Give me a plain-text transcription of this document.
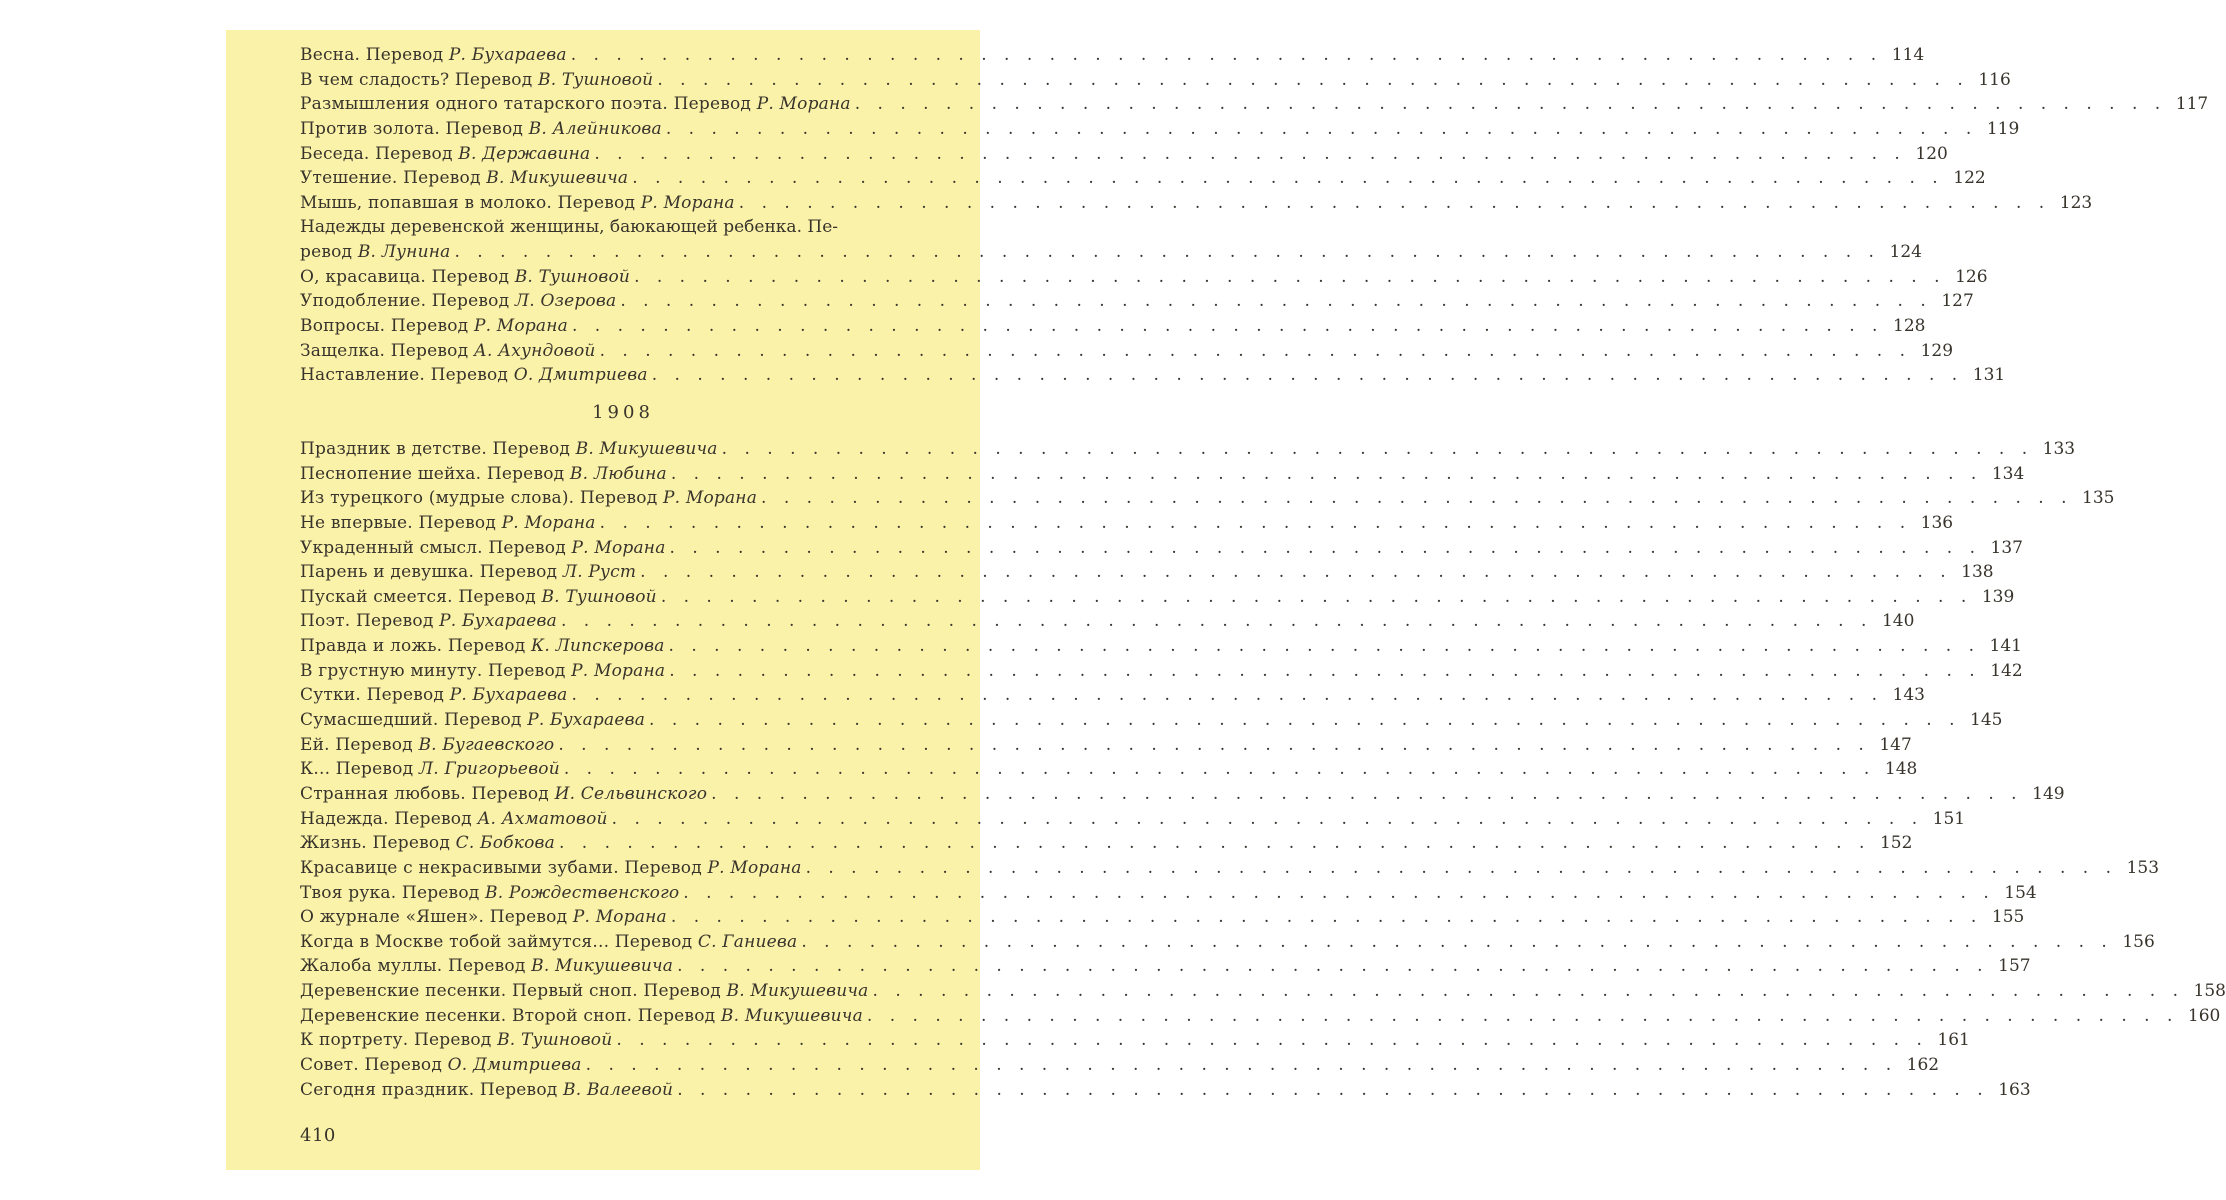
Весна. Перевод Р. Бухараева . . . . . . . . . . . . . . . . . . . . . . . . . . . . . . . . . . . . . . . . . . . . . . . . . . . . . . . . . . 114
В чем сладость? Перевод В. Тушновой . . . . . . . . . . . . . . . . . . . . . . . . . . . . . . . . . . . . . . . . . . . . . . . . . . . . . . . . . . 116
Размышления одного татарского поэта. Перевод Р. Морана . . . . . . . . . . . . . . . . . . . . . . . . . . . . . . . . . . . . . . . . . . . . . . . . . . . . . . . . . . 117
Против золота. Перевод В. Алейникова . . . . . . . . . . . . . . . . . . . . . . . . . . . . . . . . . . . . . . . . . . . . . . . . . . . . . . . . . . 119
Беседа. Перевод В. Державина . . . . . . . . . . . . . . . . . . . . . . . . . . . . . . . . . . . . . . . . . . . . . . . . . . . . . . . . . . 120
Утешение. Перевод В. Микушевича . . . . . . . . . . . . . . . . . . . . . . . . . . . . . . . . . . . . . . . . . . . . . . . . . . . . . . . . . . 122
Мышь, попавшая в молоко. Перевод Р. Морана . . . . . . . . . . . . . . . . . . . . . . . . . . . . . . . . . . . . . . . . . . . . . . . . . . . . . . . . . . 123
Надежды деревенской женщины, баюкающей ребенка. Пе-
ревод В. Лунина . . . . . . . . . . . . . . . . . . . . . . . . . . . . . . . . . . . . . . . . . . . . . . . . . . . . . . . . . . . . . . . 124
О, красавица. Перевод В. Тушновой . . . . . . . . . . . . . . . . . . . . . . . . . . . . . . . . . . . . . . . . . . . . . . . . . . . . . . . . . . 126
Уподобление. Перевод Л. Озерова . . . . . . . . . . . . . . . . . . . . . . . . . . . . . . . . . . . . . . . . . . . . . . . . . . . . . . . . . . 127
Вопросы. Перевод Р. Морана . . . . . . . . . . . . . . . . . . . . . . . . . . . . . . . . . . . . . . . . . . . . . . . . . . . . . . . . . . 128
Защелка. Перевод А. Ахундовой . . . . . . . . . . . . . . . . . . . . . . . . . . . . . . . . . . . . . . . . . . . . . . . . . . . . . . . . . . 129
Наставление. Перевод О. Дмитриева . . . . . . . . . . . . . . . . . . . . . . . . . . . . . . . . . . . . . . . . . . . . . . . . . . . . . . . . . . 131
1908
Праздник в детстве. Перевод В. Микушевича . . . . . . . . . . . . . . . . . . . . . . . . . . . . . . . . . . . . . . . . . . . . . . . . . . . . . . . . . . 133
Песнопение шейха. Перевод В. Любина . . . . . . . . . . . . . . . . . . . . . . . . . . . . . . . . . . . . . . . . . . . . . . . . . . . . . . . . . . 134
Из турецкого (мудрые слова). Перевод Р. Морана . . . . . . . . . . . . . . . . . . . . . . . . . . . . . . . . . . . . . . . . . . . . . . . . . . . . . . . . . . 135
Не впервые. Перевод Р. Морана . . . . . . . . . . . . . . . . . . . . . . . . . . . . . . . . . . . . . . . . . . . . . . . . . . . . . . . . . . 136
Украденный смысл. Перевод Р. Морана . . . . . . . . . . . . . . . . . . . . . . . . . . . . . . . . . . . . . . . . . . . . . . . . . . . . . . . . . . 137
Парень и девушка. Перевод Л. Руст . . . . . . . . . . . . . . . . . . . . . . . . . . . . . . . . . . . . . . . . . . . . . . . . . . . . . . . . . . 138
Пускай смеется. Перевод В. Тушновой . . . . . . . . . . . . . . . . . . . . . . . . . . . . . . . . . . . . . . . . . . . . . . . . . . . . . . . . . . 139
Поэт. Перевод Р. Бухараева . . . . . . . . . . . . . . . . . . . . . . . . . . . . . . . . . . . . . . . . . . . . . . . . . . . . . . . . . . 140
Правда и ложь. Перевод К. Липскерова . . . . . . . . . . . . . . . . . . . . . . . . . . . . . . . . . . . . . . . . . . . . . . . . . . . . . . . . . . 141
В грустную минуту. Перевод Р. Морана . . . . . . . . . . . . . . . . . . . . . . . . . . . . . . . . . . . . . . . . . . . . . . . . . . . . . . . . . . 142
Сутки. Перевод Р. Бухараева . . . . . . . . . . . . . . . . . . . . . . . . . . . . . . . . . . . . . . . . . . . . . . . . . . . . . . . . . . 143
Сумасшедший. Перевод Р. Бухараева . . . . . . . . . . . . . . . . . . . . . . . . . . . . . . . . . . . . . . . . . . . . . . . . . . . . . . . . . . 145
Ей. Перевод В. Бугаевского . . . . . . . . . . . . . . . . . . . . . . . . . . . . . . . . . . . . . . . . . . . . . . . . . . . . . . . . . . 147
К... Перевод Л. Григорьевой . . . . . . . . . . . . . . . . . . . . . . . . . . . . . . . . . . . . . . . . . . . . . . . . . . . . . . . . . . 148
Странная любовь. Перевод И. Сельвинского . . . . . . . . . . . . . . . . . . . . . . . . . . . . . . . . . . . . . . . . . . . . . . . . . . . . . . . . . . 149
Надежда. Перевод А. Ахматовой . . . . . . . . . . . . . . . . . . . . . . . . . . . . . . . . . . . . . . . . . . . . . . . . . . . . . . . . . . 151
Жизнь. Перевод С. Бобкова . . . . . . . . . . . . . . . . . . . . . . . . . . . . . . . . . . . . . . . . . . . . . . . . . . . . . . . . . . 152
Красавице с некрасивыми зубами. Перевод Р. Морана . . . . . . . . . . . . . . . . . . . . . . . . . . . . . . . . . . . . . . . . . . . . . . . . . . . . . . . . . . 153
Твоя рука. Перевод В. Рождественского . . . . . . . . . . . . . . . . . . . . . . . . . . . . . . . . . . . . . . . . . . . . . . . . . . . . . . . . . . 154
О журнале «Яшен». Перевод Р. Морана . . . . . . . . . . . . . . . . . . . . . . . . . . . . . . . . . . . . . . . . . . . . . . . . . . . . . . . . . . 155
Когда в Москве тобой займутся... Перевод С. Ганиева . . . . . . . . . . . . . . . . . . . . . . . . . . . . . . . . . . . . . . . . . . . . . . . . . . . . . . . . . . 156
Жалоба муллы. Перевод В. Микушевича . . . . . . . . . . . . . . . . . . . . . . . . . . . . . . . . . . . . . . . . . . . . . . . . . . . . . . . . . . 157
Деревенские песенки. Первый сноп. Перевод В. Микушевича . . . . . . . . . . . . . . . . . . . . . . . . . . . . . . . . . . . . . . . . . . . . . . . . . . . . . . . . . . 158
Деревенские песенки. Второй сноп. Перевод В. Микушевича . . . . . . . . . . . . . . . . . . . . . . . . . . . . . . . . . . . . . . . . . . . . . . . . . . . . . . . . . . 160
К портрету. Перевод В. Тушновой . . . . . . . . . . . . . . . . . . . . . . . . . . . . . . . . . . . . . . . . . . . . . . . . . . . . . . . . . . 161
Совет. Перевод О. Дмитриева . . . . . . . . . . . . . . . . . . . . . . . . . . . . . . . . . . . . . . . . . . . . . . . . . . . . . . . . . . 162
Сегодня праздник. Перевод В. Валеевой . . . . . . . . . . . . . . . . . . . . . . . . . . . . . . . . . . . . . . . . . . . . . . . . . . . . . . . . . . 163
410
